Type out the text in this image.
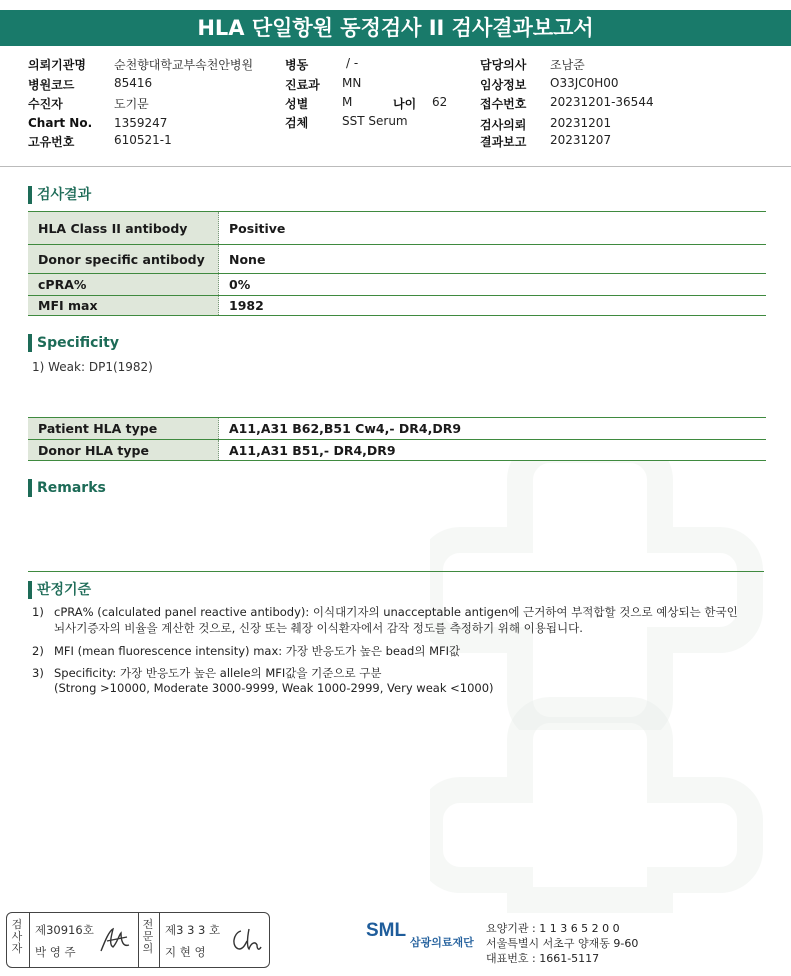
HLA 단일항원 동정검사 II 검사결과보고서
의뢰기관명 순천향대학교부속천안병원
병원코드	85416
수진자	도기문
Chart No. 1359247
고유번호	610521-1
병동	/ -
진료과 MN
성별	M	나이 62
검체	SST Serum
담당의사 조남준
임상정보 O33JC0H00
접수번호 20231201-36544
검사의뢰 20231201
결과보고 20231207
검사결과
HLA Class II antibody	Positive
Donor specific antibody	None
cPRA%	0%
MFI max	1982
Specificity
1) Weak: DP1(1982)
Patient HLA type	A11,A31 B62,B51 Cw4,- DR4,DR9
Donor HLA type	A11,A31 B51,- DR4,DR9
Remarks
판정기준
1) cPRA% (calculated panel reactive antibody): 이식대기자의 unacceptable antigen에 근거하여 부적합할 것으로 예상되는 한국인
뇌사기증자의 비율을 계산한 것으로, 신장 또는 췌장 이식환자에서 감작 정도를 측정하기 위해 이용됩니다.
2) MFI (mean fluorescence intensity) max: 가장 반응도가 높은 bead의 MFI값
3) Specificity: 가장 반응도가 높은 allele의 MFI값을 기준으로 구분
(Strong >10000, Moderate 3000-9999, Weak 1000-2999, Very weak <1000)
검사자
제30916호
박 영 주
전문의
제3 3 3 호
지 현 영
SML
삼광의료재단
요양기관 : 1 1 3 6 5 2 0 0
서울특별시 서초구 양재동 9-60
대표번호 : 1661-5117
